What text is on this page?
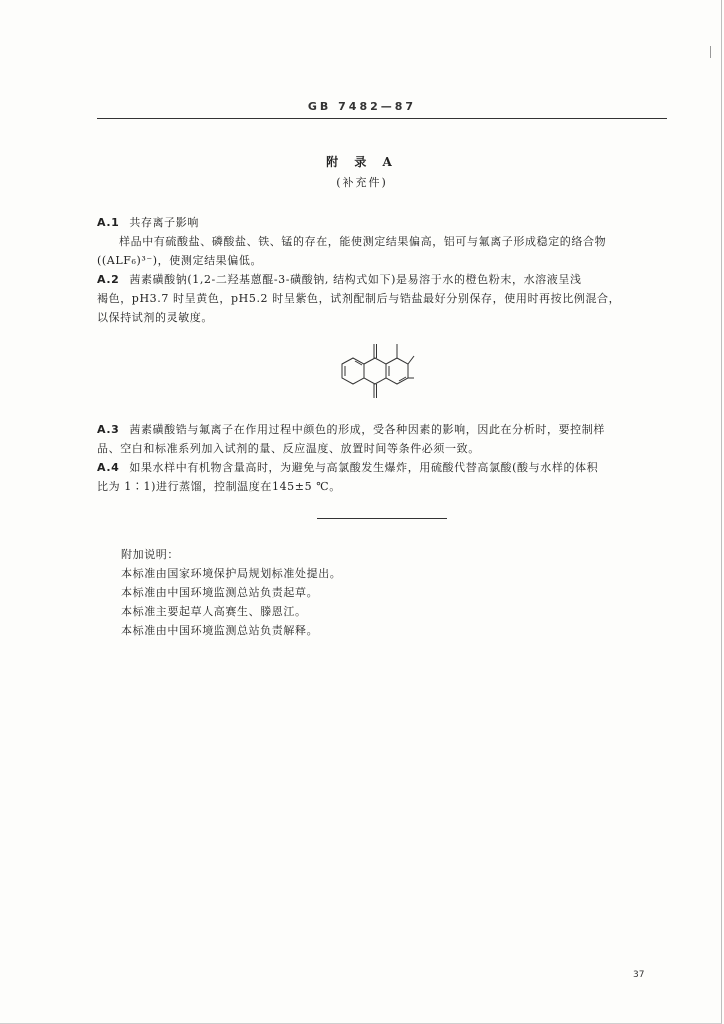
GB 7482—87
附 录 A
(补充件)
A.1 共存离子影响
样品中有硫酸盐、磷酸盐、铁、锰的存在，能使测定结果偏高，铝可与氟离子形成稳定的络合物
((ALF₆)³⁻)，使测定结果偏低。
A.2 茜素磺酸钠(1,2-二羟基蒽醌-3-磺酸钠, 结构式如下)是易溶于水的橙色粉末，水溶液呈浅
褐色，pH3.7 时呈黄色，pH5.2 时呈紫色，试剂配制后与锆盐最好分别保存，使用时再按比例混合，
以保持试剂的灵敏度。
A.3 茜素磺酸锆与氟离子在作用过程中颜色的形成，受各种因素的影响，因此在分析时，要控制样
品、空白和标准系列加入试剂的量、反应温度、放置时间等条件必须一致。
A.4 如果水样中有机物含量高时，为避免与高氯酸发生爆炸，用硫酸代替高氯酸(酸与水样的体积
比为 1∶1)进行蒸馏，控制温度在145±5 ℃。
附加说明：
本标准由国家环境保护局规划标准处提出。
本标准由中国环境监测总站负责起草。
本标准主要起草人高赛生、滕恩江。
本标准由中国环境监测总站负责解释。
37
